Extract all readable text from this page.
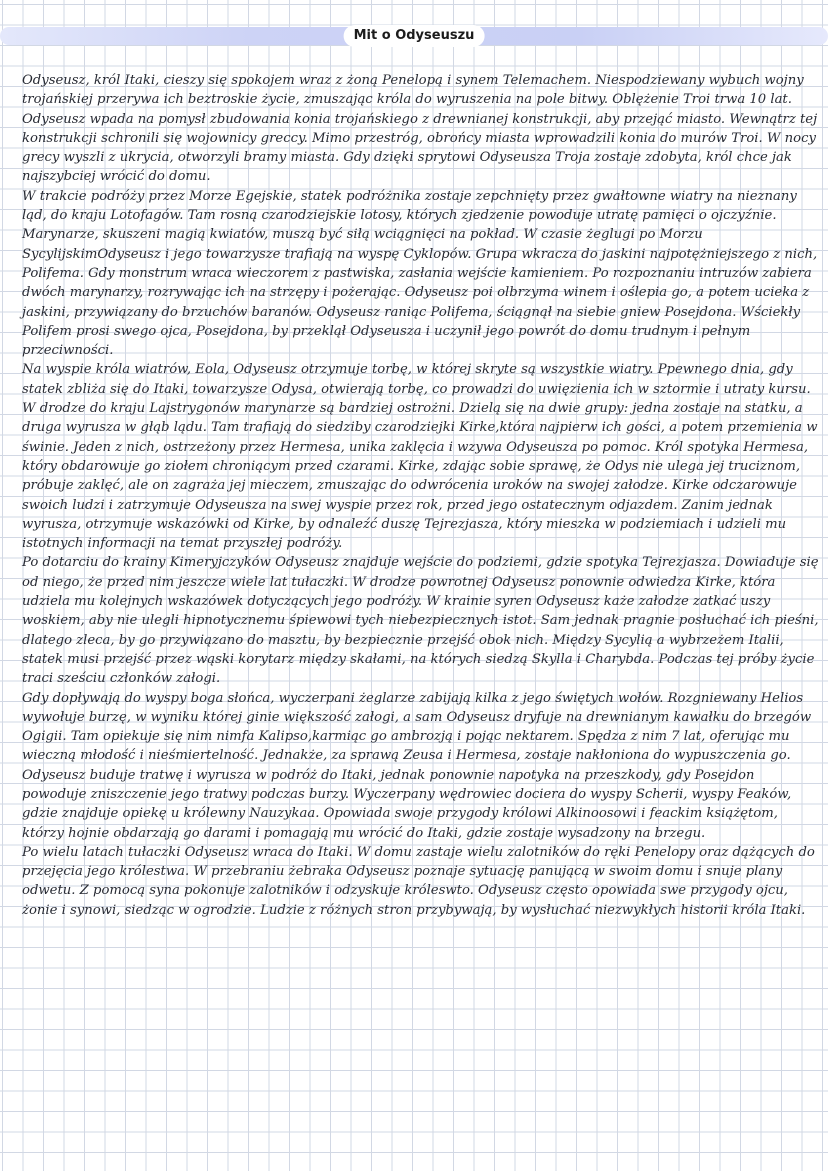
Mit o Odyseuszu

Odyseusz, król Itaki, cieszy się spokojem wraz z żoną Penelopą i synem Telemachem. Niespodziewany wybuch wojny trojańskiej przerywa ich beztroskie życie, zmuszając króla do wyruszenia na pole bitwy. Oblężenie Troi trwa 10 lat. Odyseusz wpada na pomysł zbudowania konia trojańskiego z drewnianej konstrukcji, aby przejąć miasto. Wewnątrz tej konstrukcji schronili się wojownicy greccy. Mimo przestróg, obrońcy miasta wprowadzili konia do murów Troi. W nocy grecy wyszli z ukrycia, otworzyli bramy miasta. Gdy dzięki sprytowi Odyseusza Troja zostaje zdobyta, król chce jak najszybciej wrócić do domu.

W trakcie podróży przez Morze Egejskie, statek podróżnika zostaje zepchnięty przez gwałtowne wiatry na nieznany ląd, do kraju Lotofagów. Tam rosną czarodziejskie lotosy, których zjedzenie powoduje utratę pamięci o ojczyźnie. Marynarze, skuszeni magią kwiatów, muszą być siłą wciągnięci na pokład. W czasie żeglugi po Morzu SycylijskimOdyseusz i jego towarzysze trafiają na wyspę Cyklopów. Grupa wkracza do jaskini najpotężniejszego z nich, Polifema. Gdy monstrum wraca wieczorem z pastwiska, zasłania wejście kamieniem. Po rozpoznaniu intruzów zabiera dwóch marynarzy, rozrywając ich na strzępy i pożerając. Odyseusz poi olbrzyma winem i oślepia go, a potem ucieka z jaskini, przywiązany do brzuchów baranów. Odyseusz raniąc Polifema, ściągnął na siebie gniew Posejdona. Wściekły Polifem prosi swego ojca, Posejdona, by przeklął Odyseusza i uczynił jego powrót do domu trudnym i pełnym przeciwności.

Na wyspie króla wiatrów, Eola, Odyseusz otrzymuje torbę, w której skryte są wszystkie wiatry. Ppewnego dnia, gdy statek zbliża się do Itaki, towarzysze Odysa, otwierają torbę, co prowadzi do uwięzienia ich w sztormie i utraty kursu. W drodze do kraju Lajstrygonów marynarze są bardziej ostrożni. Dzielą się na dwie grupy: jedna zostaje na statku, a druga wyrusza w głąb lądu. Tam trafiają do siedziby czarodziejki Kirke,która najpierw ich gości, a potem przemienia w świnie. Jeden z nich, ostrzeżony przez Hermesa, unika zaklęcia i wzywa Odyseusza po pomoc. Król spotyka Hermesa, który obdarowuje go ziołem chroniącym przed czarami. Kirke, zdając sobie sprawę, że Odys nie ulega jej truciznom, próbuje zaklęć, ale on zagraża jej mieczem, zmuszając do odwrócenia uroków na swojej załodze. Kirke odczarowuje swoich ludzi i zatrzymuje Odyseusza na swej wyspie przez rok, przed jego ostatecznym odjazdem. Zanim jednak wyrusza, otrzymuje wskazówki od Kirke, by odnaleźć duszę Tejrezjasza, który mieszka w podziemiach i udzieli mu istotnych informacji na temat przyszłej podróży.

Po dotarciu do krainy Kimeryjczyków Odyseusz znajduje wejście do podziemi, gdzie spotyka Tejrezjasza. Dowiaduje się od niego, że przed nim jeszcze wiele lat tułaczki. W drodze powrotnej Odyseusz ponownie odwiedza Kirke, która udziela mu kolejnych wskazówek dotyczących jego podróży. W krainie syren Odyseusz każe załodze zatkać uszy woskiem, aby nie ulegli hipnotycznemu śpiewowi tych niebezpiecznych istot. Sam jednak pragnie posłuchać ich pieśni, dlatego zleca, by go przywiązano do masztu, by bezpiecznie przejść obok nich. Między Sycylią a wybrzeżem Italii, statek musi przejść przez wąski korytarz między skałami, na których siedzą Skylla i Charybda. Podczas tej próby życie traci sześciu członków załogi.

Gdy dopływają do wyspy boga słońca, wyczerpani żeglarze zabijają kilka z jego świętych wołów. Rozgniewany Helios wywołuje burzę, w wyniku której ginie większość załogi, a sam Odyseusz dryfuje na drewnianym kawałku do brzegów Ogigii. Tam opiekuje się nim nimfa Kalipso,karmiąc go ambrozją i pojąc nektarem. Spędza z nim 7 lat, oferując mu wieczną młodość i nieśmiertelność. Jednakże, za sprawą Zeusa i Hermesa, zostaje nakłoniona do wypuszczenia go. Odyseusz buduje tratwę i wyrusza w podróż do Itaki, jednak ponownie napotyka na przeszkody, gdy Posejdon powoduje zniszczenie jego tratwy podczas burzy. Wyczerpany wędrowiec dociera do wyspy Scherii, wyspy Feaków, gdzie znajduje opiekę u królewny Nauzykaa. Opowiada swoje przygody królowi Alkinoosowi i feackim książętom, którzy hojnie obdarzają go darami i pomagają mu wrócić do Itaki, gdzie zostaje wysadzony na brzegu.

Po wielu latach tułaczki Odyseusz wraca do Itaki. W domu zastaje wielu zalotników do ręki Penelopy oraz dążących do przejęcia jego królestwa. W przebraniu żebraka Odyseusz poznaje sytuację panującą w swoim domu i snuje plany odwetu. Z pomocą syna pokonuje zalotników i odzyskuje króleswto. Odyseusz często opowiada swe przygody ojcu, żonie i synowi, siedząc w ogrodzie. Ludzie z różnych stron przybywają, by wysłuchać niezwykłych historii króla Itaki.
